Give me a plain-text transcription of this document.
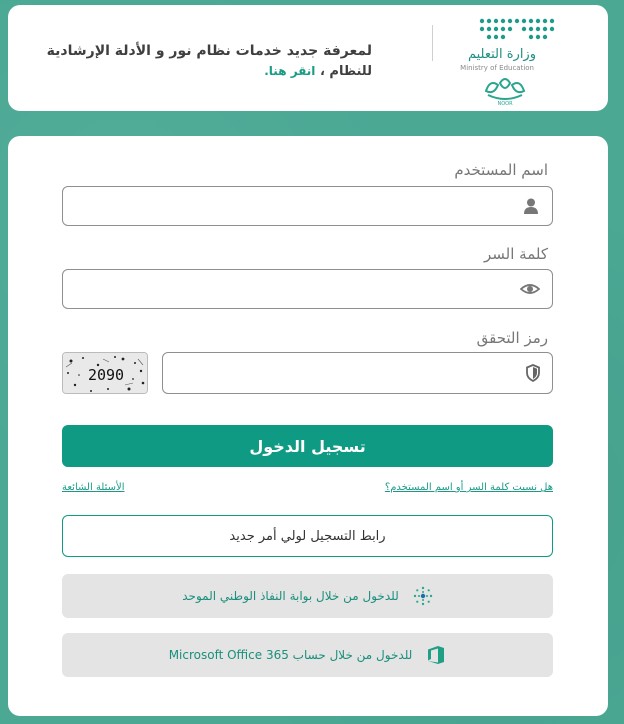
وزارة التعليم
Ministry of Education
NOOR
لمعرفة جديد خدمات نظام نور و الأدلة الإرشادية
للنظام ، انقر هنا.
اسم المستخدم
كلمة السر
رمز التحقق
2090
تسجيل الدخول
هل نسيت كلمة السر أو اسم المستخدم؟
الأسئلة الشائعة
رابط التسجيل لولي أمر جديد
للدخول من خلال بوابة النفاذ الوطني الموحد
للدخول من خلال حساب Microsoft Office 365
